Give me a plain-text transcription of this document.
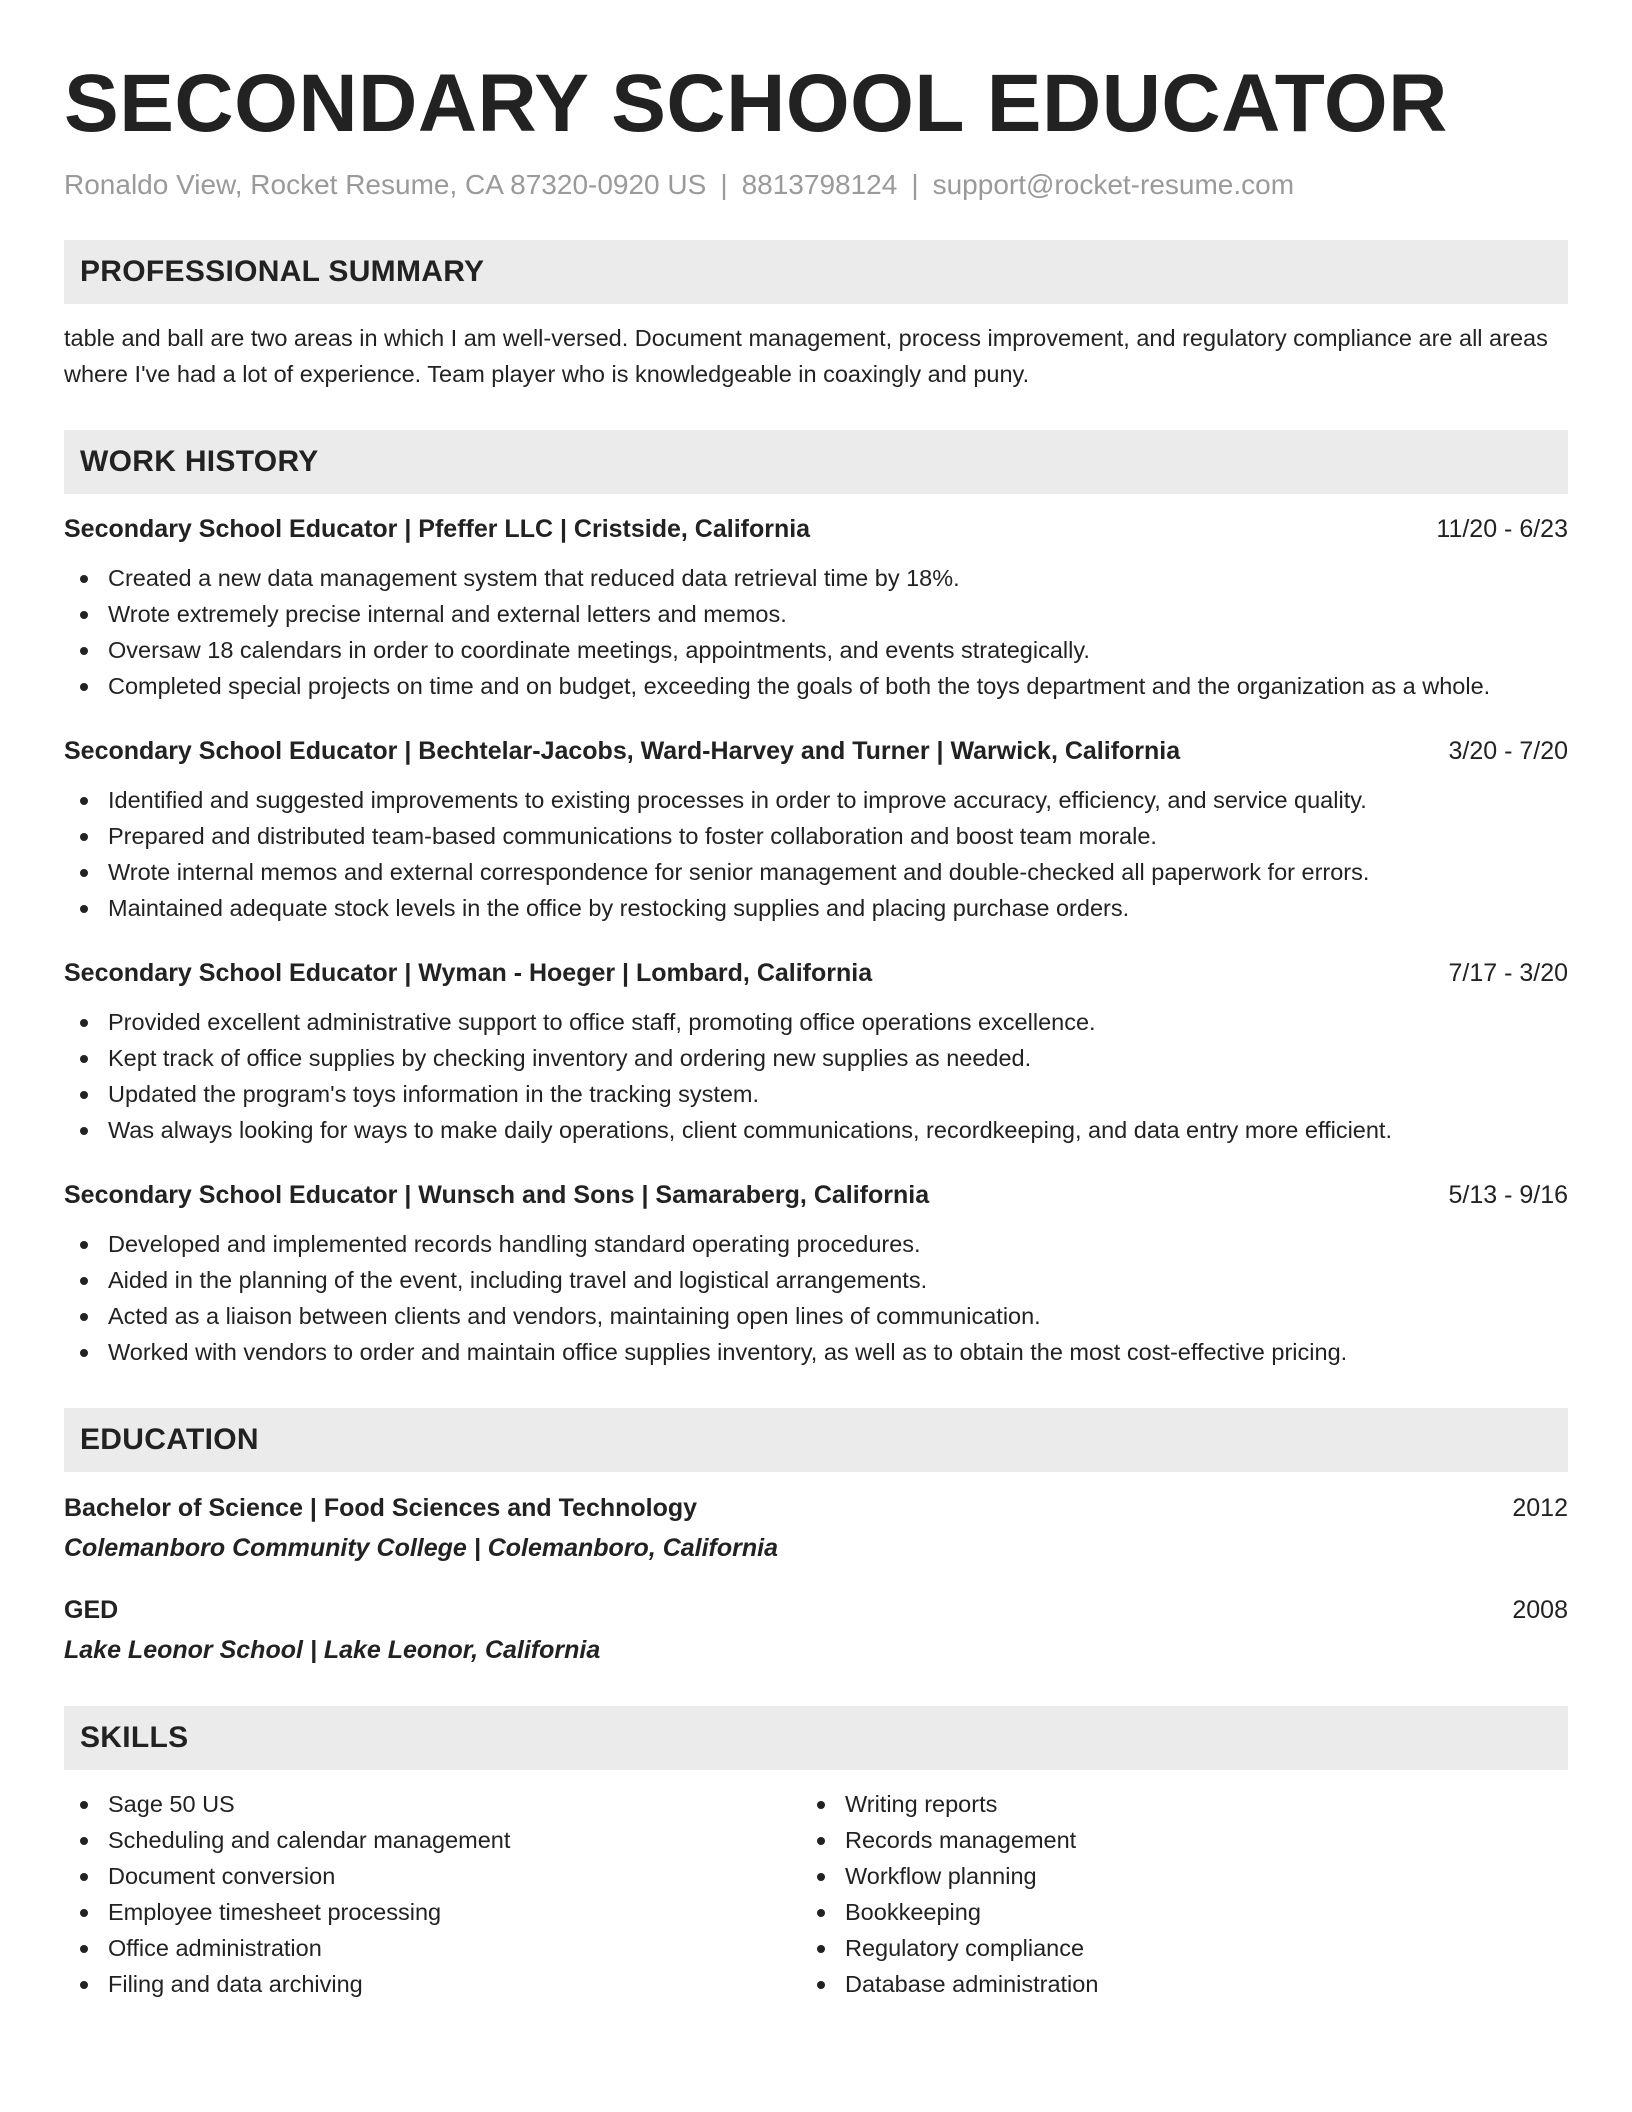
SECONDARY SCHOOL EDUCATOR
Ronaldo View, Rocket Resume, CA 87320-0920 US | 8813798124 | support@rocket-resume.com
PROFESSIONAL SUMMARY
table and ball are two areas in which I am well-versed. Document management, process improvement, and regulatory compliance are all areas where I've had a lot of experience. Team player who is knowledgeable in coaxingly and puny.
WORK HISTORY
Secondary School Educator | Pfeffer LLC | Cristside, California	11/20 - 6/23
Created a new data management system that reduced data retrieval time by 18%.
Wrote extremely precise internal and external letters and memos.
Oversaw 18 calendars in order to coordinate meetings, appointments, and events strategically.
Completed special projects on time and on budget, exceeding the goals of both the toys department and the organization as a whole.
Secondary School Educator | Bechtelar-Jacobs, Ward-Harvey and Turner | Warwick, California	3/20 - 7/20
Identified and suggested improvements to existing processes in order to improve accuracy, efficiency, and service quality.
Prepared and distributed team-based communications to foster collaboration and boost team morale.
Wrote internal memos and external correspondence for senior management and double-checked all paperwork for errors.
Maintained adequate stock levels in the office by restocking supplies and placing purchase orders.
Secondary School Educator | Wyman - Hoeger | Lombard, California	7/17 - 3/20
Provided excellent administrative support to office staff, promoting office operations excellence.
Kept track of office supplies by checking inventory and ordering new supplies as needed.
Updated the program's toys information in the tracking system.
Was always looking for ways to make daily operations, client communications, recordkeeping, and data entry more efficient.
Secondary School Educator | Wunsch and Sons | Samaraberg, California	5/13 - 9/16
Developed and implemented records handling standard operating procedures.
Aided in the planning of the event, including travel and logistical arrangements.
Acted as a liaison between clients and vendors, maintaining open lines of communication.
Worked with vendors to order and maintain office supplies inventory, as well as to obtain the most cost-effective pricing.
EDUCATION
Bachelor of Science | Food Sciences and Technology	2012
Colemanboro Community College | Colemanboro, California
GED	2008
Lake Leonor School | Lake Leonor, California
SKILLS
Sage 50 US
Scheduling and calendar management
Document conversion
Employee timesheet processing
Office administration
Filing and data archiving
Writing reports
Records management
Workflow planning
Bookkeeping
Regulatory compliance
Database administration
